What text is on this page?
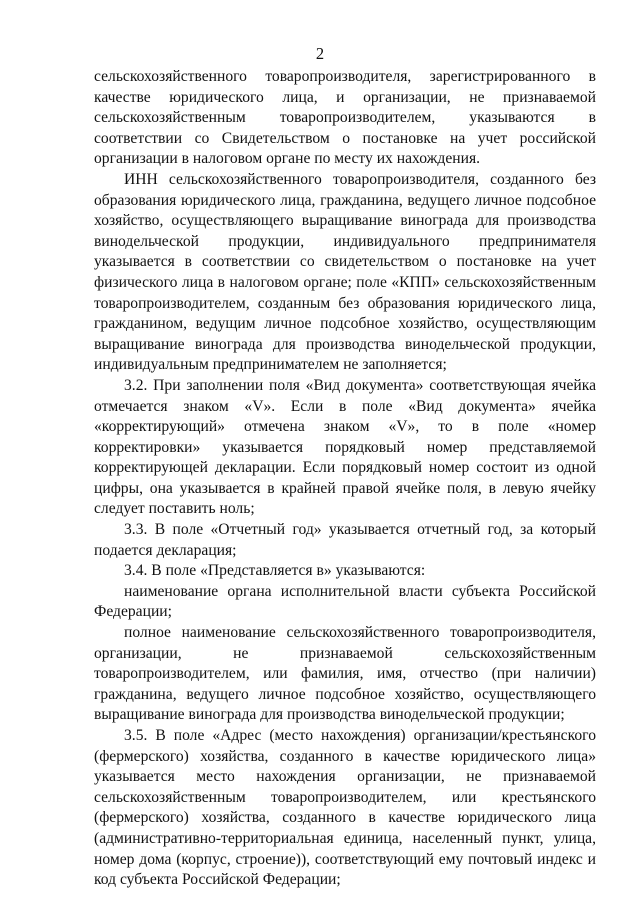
2

сельскохозяйственного товаропроизводителя, зарегистрированного в качестве юридического лица, и организации, не признаваемой сельскохозяйственным товаропроизводителем, указываются в соответствии со Свидетельством о постановке на учет российской организации в налоговом органе по месту их нахождения.

ИНН сельскохозяйственного товаропроизводителя, созданного без образования юридического лица, гражданина, ведущего личное подсобное хозяйство, осуществляющего выращивание винограда для производства винодельческой продукции, индивидуального предпринимателя указывается в соответствии со свидетельством о постановке на учет физического лица в налоговом органе; поле «КПП» сельскохозяйственным товаропроизводителем, созданным без образования юридического лица, гражданином, ведущим личное подсобное хозяйство, осуществляющим выращивание винограда для производства винодельческой продукции, индивидуальным предпринимателем не заполняется;

3.2. При заполнении поля «Вид документа» соответствующая ячейка отмечается знаком «V». Если в поле «Вид документа» ячейка «корректирующий» отмечена знаком «V», то в поле «номер корректировки» указывается порядковый номер представляемой корректирующей декларации. Если порядковый номер состоит из одной цифры, она указывается в крайней правой ячейке поля, в левую ячейку следует поставить ноль;

3.3. В поле «Отчетный год» указывается отчетный год, за который подается декларация;

3.4. В поле «Представляется в» указываются:

наименование органа исполнительной власти субъекта Российской Федерации;

полное наименование сельскохозяйственного товаропроизводителя, организации, не признаваемой сельскохозяйственным товаропроизводителем, или фамилия, имя, отчество (при наличии) гражданина, ведущего личное подсобное хозяйство, осуществляющего выращивание винограда для производства винодельческой продукции;

3.5. В поле «Адрес (место нахождения) организации/крестьянского (фермерского) хозяйства, созданного в качестве юридического лица» указывается место нахождения организации, не признаваемой сельскохозяйственным товаропроизводителем, или крестьянского (фермерского) хозяйства, созданного в качестве юридического лица (административно-территориальная единица, населенный пункт, улица, номер дома (корпус, строение)), соответствующий ему почтовый индекс и код субъекта Российской Федерации;
